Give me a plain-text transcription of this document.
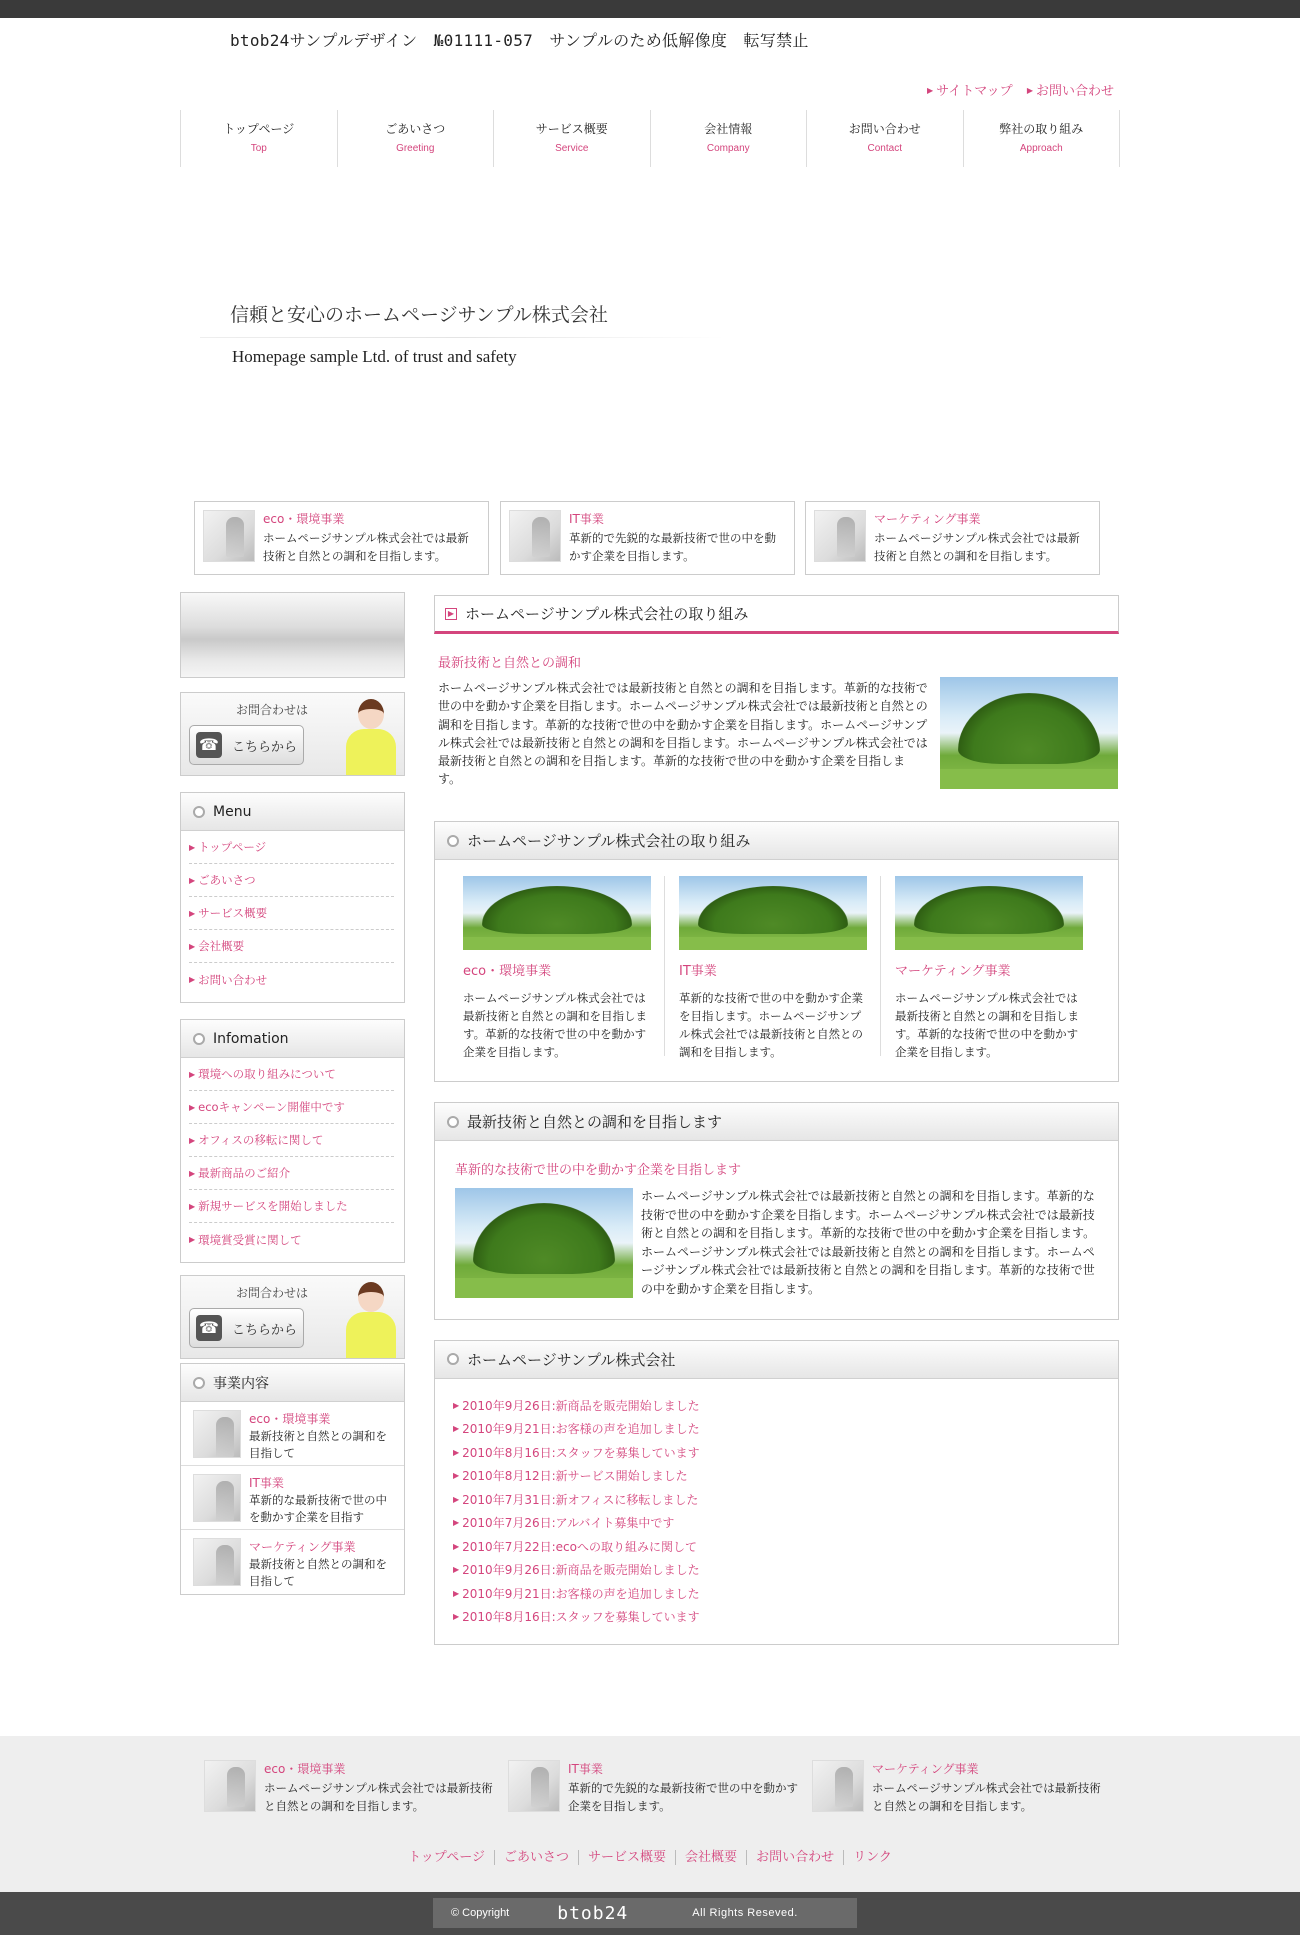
btob24サンプルデザイン　№01111-057　サンプルのため低解像度　転写禁止
▶ サイトマップ ▶ お問い合わせ
トップページ
Top
ごあいさつ
Greeting
サービス概要
Service
会社情報
Company
お問い合わせ
Contact
弊社の取り組み
Approach
信頼と安心のホームページサンプル株式会社
Homepage sample Ltd. of trust and safety
eco・環境事業
ホームページサンプル株式会社では最新技術と自然との調和を目指します。
IT事業
革新的で先鋭的な最新技術で世の中を動かす企業を目指します。
マーケティング事業
ホームページサンプル株式会社では最新技術と自然との調和を目指します。
お問合わせは
☎ こちらから
Menu
▶ トップページ
▶ ごあいさつ
▶ サービス概要
▶ 会社概要
▶ お問い合わせ
Infomation
▶ 環境への取り組みについて
▶ ecoキャンペーン開催中です
▶ オフィスの移転に関して
▶ 最新商品のご紹介
▶ 新規サービスを開始しました
▶ 環境賞受賞に関して
お問合わせは
☎ こちらから
事業内容
eco・環境事業
最新技術と自然との調和を目指して
IT事業
革新的な最新技術で世の中を動かす企業を目指す
マーケティング事業
最新技術と自然との調和を目指して
▶ ホームページサンプル株式会社の取り組み
最新技術と自然との調和

ホームページサンプル株式会社では最新技術と自然との調和を目指します。革新的な技術で世の中を動かす企業を目指します。ホームページサンプル株式会社では最新技術と自然との調和を目指します。革新的な技術で世の中を動かす企業を目指します。ホームページサンプル株式会社では最新技術と自然との調和を目指します。ホームページサンプル株式会社では最新技術と自然との調和を目指します。革新的な技術で世の中を動かす企業を目指します。

ホームページサンプル株式会社の取り組み
eco・環境事業
ホームページサンプル株式会社では最新技術と自然との調和を目指します。革新的な技術で世の中を動かす企業を目指します。
IT事業
革新的な技術で世の中を動かす企業を目指します。ホームページサンプル株式会社では最新技術と自然との調和を目指します。
マーケティング事業
ホームページサンプル株式会社では最新技術と自然との調和を目指します。革新的な技術で世の中を動かす企業を目指します。
最新技術と自然との調和を目指します
革新的な技術で世の中を動かす企業を目指します

ホームページサンプル株式会社では最新技術と自然との調和を目指します。革新的な技術で世の中を動かす企業を目指します。ホームページサンプル株式会社では最新技術と自然との調和を目指します。革新的な技術で世の中を動かす企業を目指します。ホームページサンプル株式会社では最新技術と自然との調和を目指します。ホームページサンプル株式会社では最新技術と自然との調和を目指します。革新的な技術で世の中を動かす企業を目指します。

ホームページサンプル株式会社
▶ 2010年9月26日:新商品を販売開始しました
▶ 2010年9月21日:お客様の声を追加しました
▶ 2010年8月16日:スタッフを募集しています
▶ 2010年8月12日:新サービス開始しました
▶ 2010年7月31日:新オフィスに移転しました
▶ 2010年7月26日:アルバイト募集中です
▶ 2010年7月22日:ecoへの取り組みに関して
▶ 2010年9月26日:新商品を販売開始しました
▶ 2010年9月21日:お客様の声を追加しました
▶ 2010年8月16日:スタッフを募集しています
eco・環境事業
ホームページサンプル株式会社では最新技術と自然との調和を目指します。
IT事業
革新的で先鋭的な最新技術で世の中を動かす企業を目指します。
マーケティング事業
ホームページサンプル株式会社では最新技術と自然との調和を目指します。
トップページ ごあいさつ サービス概要 会社概要 お問い合わせ リンク
© Copyright	btob24	All Rights Reseved.
